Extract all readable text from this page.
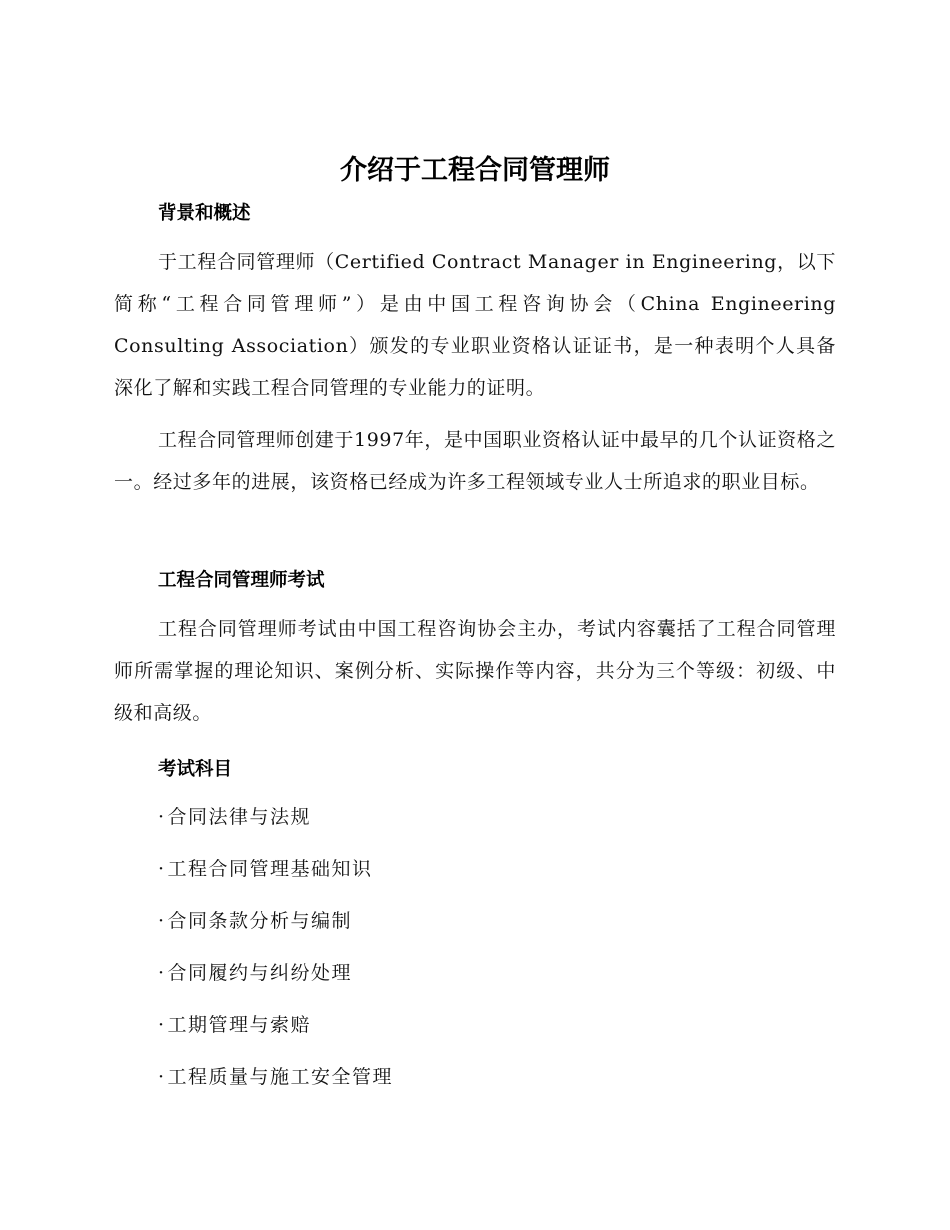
介绍于工程合同管理师
背景和概述

于工程合同管理师（Certified Contract Manager in Engineering，以下简称“工程合同管理师”）是由中国工程咨询协会（China Engineering Consulting Association）颁发的专业职业资格认证证书，是一种表明个人具备深化了解和实践工程合同管理的专业能力的证明。

工程合同管理师创建于1997年，是中国职业资格认证中最早的几个认证资格之一。经过多年的进展，该资格已经成为许多工程领域专业人士所追求的职业目标。

工程合同管理师考试

工程合同管理师考试由中国工程咨询协会主办，考试内容囊括了工程合同管理师所需掌握的理论知识、案例分析、实际操作等内容，共分为三个等级：初级、中级和高级。

考试科目
· 合同法律与法规
· 工程合同管理基础知识
· 合同条款分析与编制
· 合同履约与纠纷处理
· 工期管理与索赔
· 工程质量与施工安全管理
